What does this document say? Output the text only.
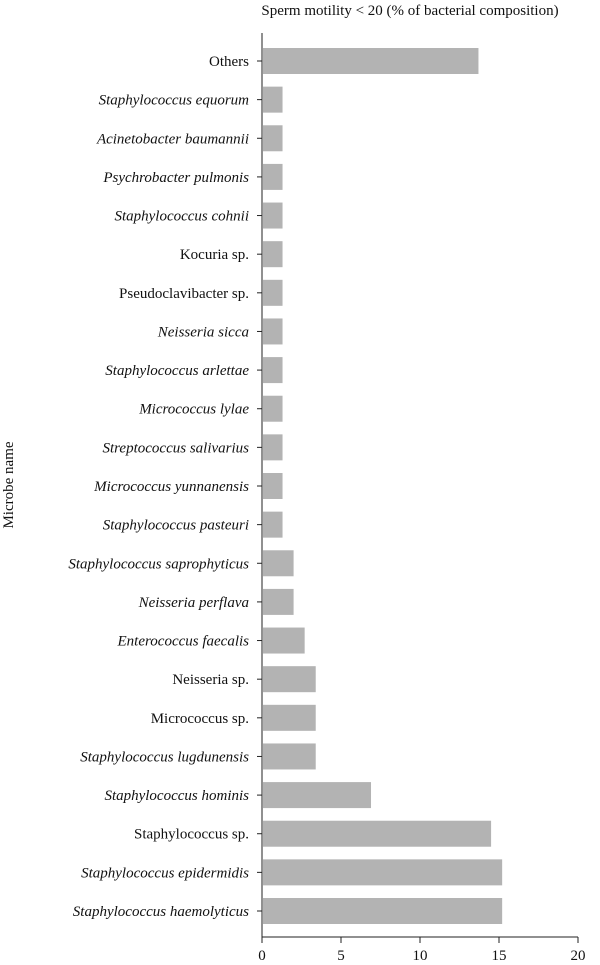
Sperm motility < 20 (% of bacterial composition)
Microbe name
Others
Staphylococcus equorum
Acinetobacter baumannii
Psychrobacter pulmonis
Staphylococcus cohnii
Kocuria sp.
Pseudoclavibacter sp.
Neisseria sicca
Staphylococcus arlettae
Micrococcus lylae
Streptococcus salivarius
Micrococcus yunnanensis
Staphylococcus pasteuri
Staphylococcus saprophyticus
Neisseria perflava
Enterococcus faecalis
Neisseria sp.
Micrococcus sp.
Staphylococcus lugdunensis
Staphylococcus hominis
Staphylococcus sp.
Staphylococcus epidermidis
Staphylococcus haemolyticus
0	5	10	15	20
